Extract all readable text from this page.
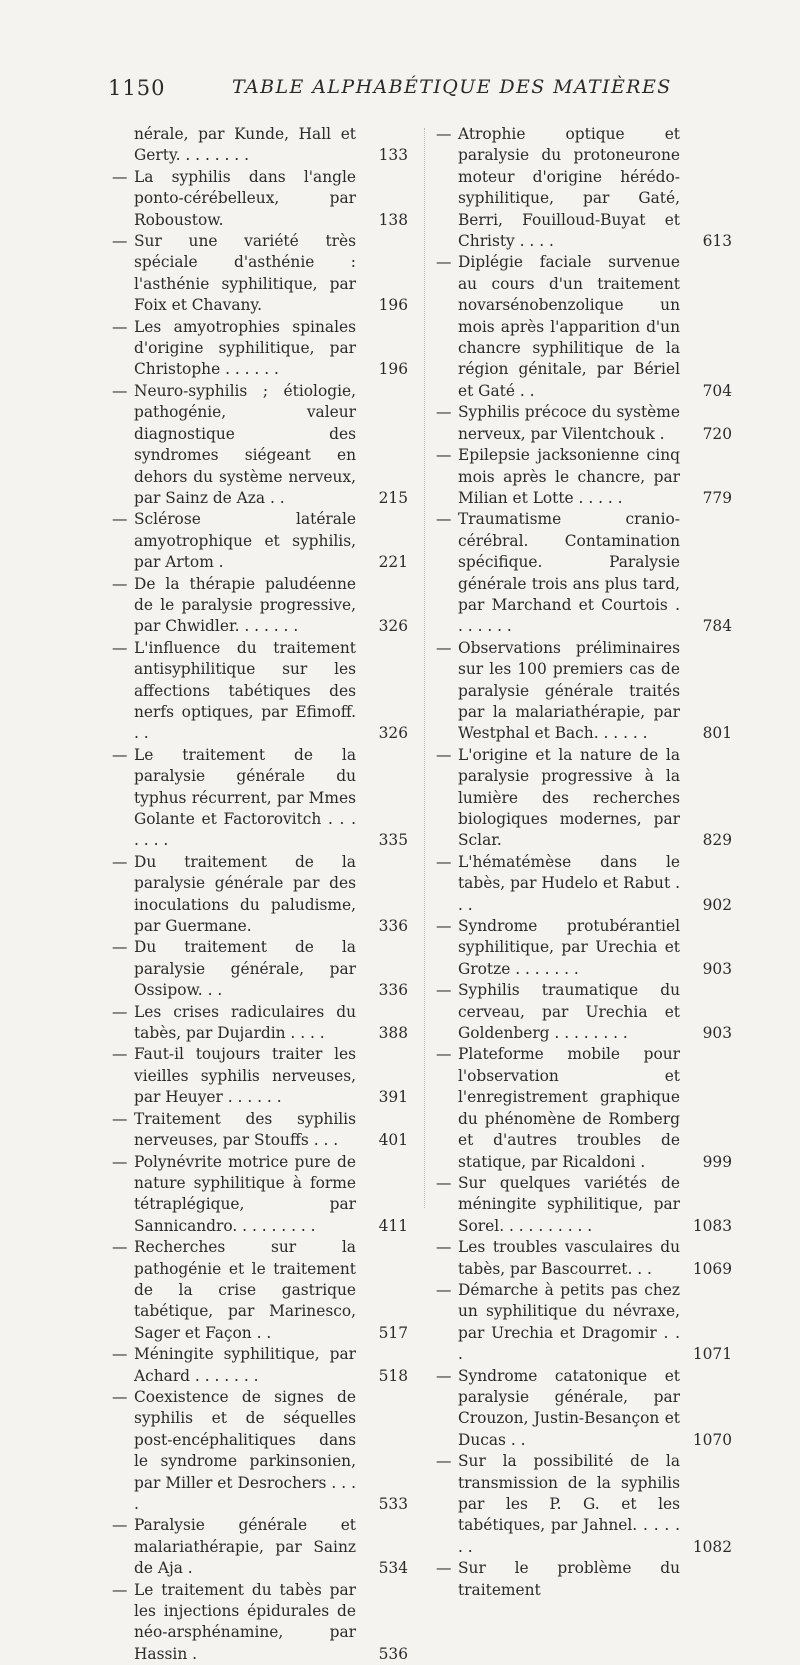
1150	TABLE ALPHABÉTIQUE DES MATIÈRES
nérale, par Kunde, Hall et Gerty. . . . . . . .	133
— La syphilis dans l'angle ponto-cérébelleux, par Roboustow.	138
— Sur une variété très spéciale d'asthénie : l'asthénie syphilitique, par Foix et Chavany.	196
— Les amyotrophies spinales d'origine syphilitique, par Christophe . . . . . .	196
— Neuro-syphilis ; étiologie, pathogénie, valeur diagnostique des syndromes siégeant en dehors du système nerveux, par Sainz de Aza . .	215
— Sclérose latérale amyotrophique et syphilis, par Artom .	221
— De la thérapie paludéenne de le paralysie progressive, par Chwidler. . . . . . .	326
— L'influence du traitement antisyphilitique sur les affections tabétiques des nerfs optiques, par Efimoff. . .	326
— Le traitement de la paralysie générale du typhus récurrent, par Mmes Golante et Factorovitch . . . . . . .	335
— Du traitement de la paralysie générale par des inoculations du paludisme, par Guermane.	336
— Du traitement de la paralysie générale, par Ossipow. . .	336
— Les crises radiculaires du tabès, par Dujardin . . . .	388
— Faut-il toujours traiter les vieilles syphilis nerveuses, par Heuyer . . . . . .	391
— Traitement des syphilis nerveuses, par Stouffs . . .	401
— Polynévrite motrice pure de nature syphilitique à forme tétraplégique, par Sannicandro. . . . . . . . .	411
— Recherches sur la pathogénie et le traitement de la crise gastrique tabétique, par Marinesco, Sager et Façon . .	517
— Méningite syphilitique, par Achard . . . . . . .	518
— Coexistence de signes de syphilis et de séquelles post-encéphalitiques dans le syndrome parkinsonien, par Miller et Desrochers . . . .	533
— Paralysie générale et malariathérapie, par Sainz de Aja .	534
— Le traitement du tabès par les injections épidurales de néo-arsphénamine, par Hassin .	536
— Atrophie optique et paralysie du protoneurone moteur d'origine hérédo-syphilitique, par Gaté, Berri, Fouilloud-Buyat et Christy . . . .	613
— Diplégie faciale survenue au cours d'un traitement novarsénobenzolique un mois après l'apparition d'un chancre syphilitique de la région génitale, par Bériel et Gaté . .	704
— Syphilis précoce du système nerveux, par Vilentchouk .	720
— Epilepsie jacksonienne cinq mois après le chancre, par Milian et Lotte . . . . .	779
— Traumatisme cranio-cérébral. Contamination spécifique. Paralysie générale trois ans plus tard, par Marchand et Courtois . . . . . . .	784
— Observations préliminaires sur les 100 premiers cas de paralysie générale traités par la malariathérapie, par Westphal et Bach. . . . . .	801
— L'origine et la nature de la paralysie progressive à la lumière des recherches biologiques modernes, par Sclar.	829
— L'hématémèse dans le tabès, par Hudelo et Rabut . . .	902
— Syndrome protubérantiel syphilitique, par Urechia et Grotze . . . . . . .	903
— Syphilis traumatique du cerveau, par Urechia et Goldenberg . . . . . . . .	903
— Plateforme mobile pour l'observation et l'enregistrement graphique du phénomène de Romberg et d'autres troubles de statique, par Ricaldoni .	999
— Sur quelques variétés de méningite syphilitique, par Sorel. . . . . . . . . .	1083
— Les troubles vasculaires du tabès, par Bascourret. . .	1069
— Démarche à petits pas chez un syphilitique du névraxe, par Urechia et Dragomir . . .	1071
— Syndrome catatonique et paralysie générale, par Crouzon, Justin-Besançon et Ducas . .	1070
— Sur la possibilité de la transmission de la syphilis par les P. G. et les tabétiques, par Jahnel. . . . . . .	1082
— Sur le problème du traitement
